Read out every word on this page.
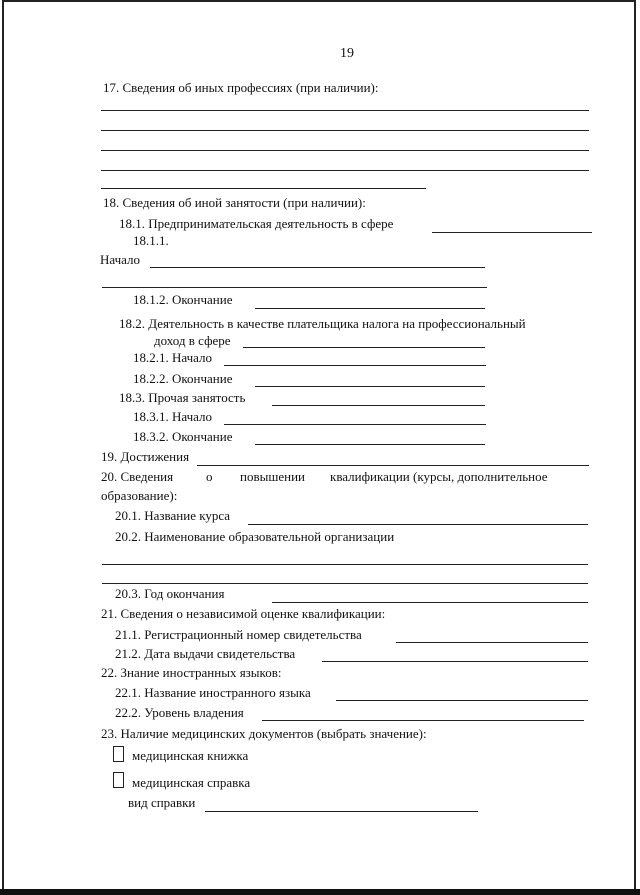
19
17. Сведения об иных профессиях (при наличии):
18. Сведения об иной занятости (при наличии):
18.1. Предпринимательская деятельность в сфере
18.1.1.
Начало
18.1.2. Окончание
18.2. Деятельность в качестве плательщика налога на профессиональный
доход в сфере
18.2.1. Начало
18.2.2. Окончание
18.3. Прочая занятость
18.3.1. Начало
18.3.2. Окончание
19. Достижения
20. Сведения	о повышении квалификации (курсы, дополнительное
образование):
20.1. Название курса
20.2. Наименование образовательной организации
20.3. Год окончания
21. Сведения о независимой оценке квалификации:
21.1. Регистрационный номер свидетельства
21.2. Дата выдачи свидетельства
22. Знание иностранных языков:
22.1. Название иностранного языка
22.2. Уровень владения
23. Наличие медицинских документов (выбрать значение):
медицинская книжка
медицинская справка
вид справки
